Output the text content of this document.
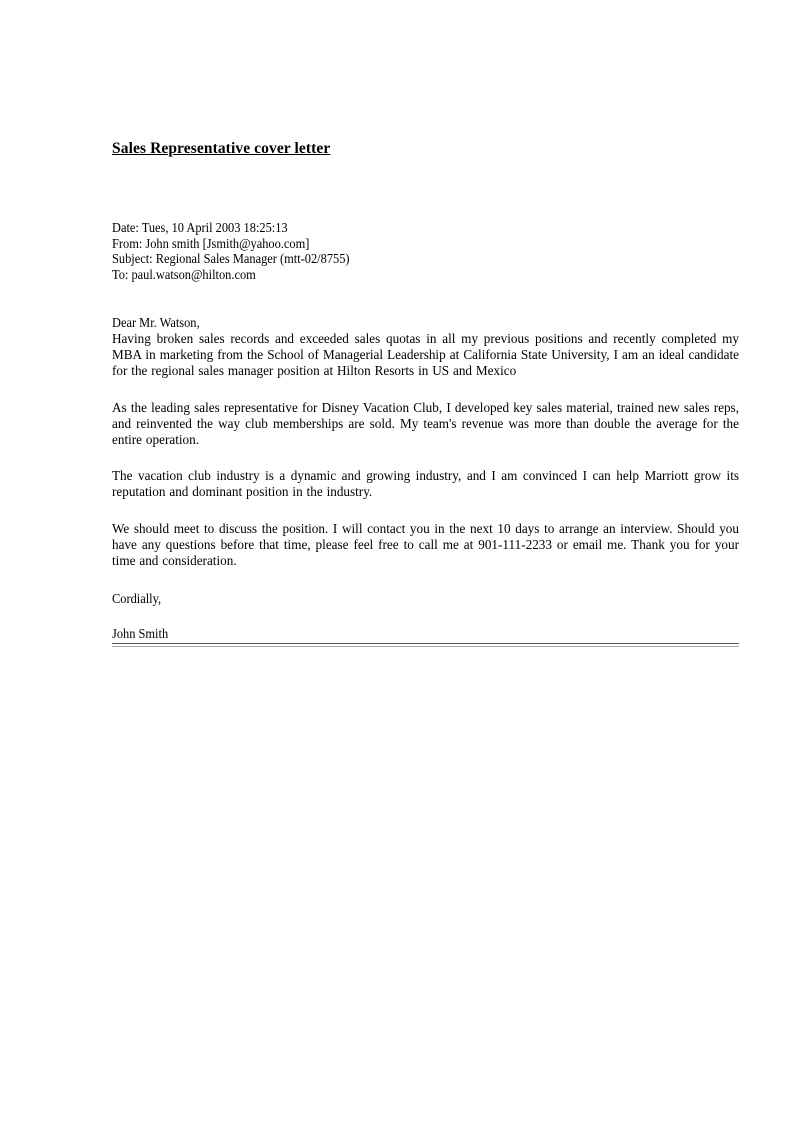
Sales Representative cover letter
Date: Tues, 10 April 2003 18:25:13
From: John smith [Jsmith@yahoo.com]
Subject: Regional Sales Manager (mtt-02/8755)
To: paul.watson@hilton.com
Dear Mr. Watson,

Having broken sales records and exceeded sales quotas in all my previous positions and recently completed my MBA in marketing from the School of Managerial Leadership at California State University, I am an ideal candidate for the regional sales manager position at Hilton Resorts in US and Mexico

As the leading sales representative for Disney Vacation Club, I developed key sales material, trained new sales reps, and reinvented the way club memberships are sold. My team's revenue was more than double the average for the entire operation.

The vacation club industry is a dynamic and growing industry, and I am convinced I can help Marriott grow its reputation and dominant position in the industry.

We should meet to discuss the position. I will contact you in the next 10 days to arrange an interview. Should you have any questions before that time, please feel free to call me at 901-111-2233 or email me. Thank you for your time and consideration.

Cordially,
John Smith
